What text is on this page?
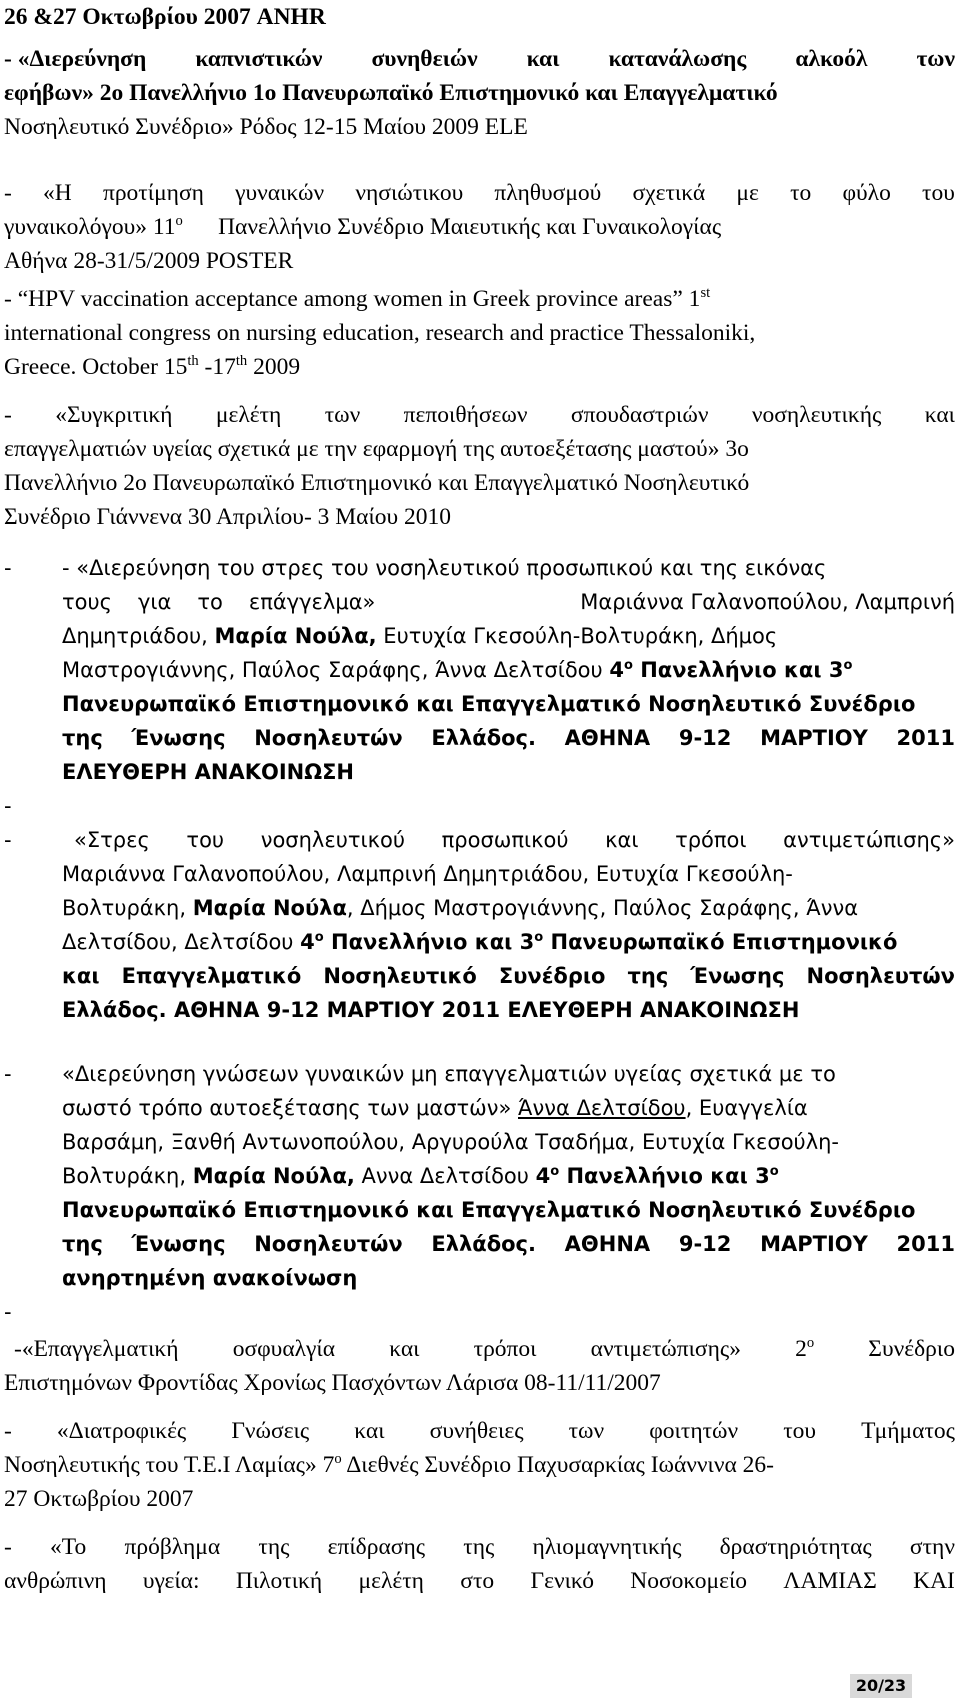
26 &27 Οκτωβρίου 2007 ANHR
- «Διερεύνηση καπνιστικών συνηθειών και κατανάλωσης αλκοόλ των
εφήβων» 2ο Πανελλήνιο 1ο Πανευρωπαϊκό Επιστημονικό και Επαγγελματικό
Νοσηλευτικό Συνέδριο» Ρόδος 12-15 Μαίου 2009 ELE
- «Η προτίμηση γυναικών νησιώτικου πληθυσμού σχετικά με το φύλο του
γυναικολόγου» $11^o$ Πανελλήνιο Συνέδριο Μαιευτικής και Γυναικολογίας
Αθήνα 28-31/5/2009 POSTER
- “HPV vaccination acceptance among women in Greek province areas” 1st
international congress on nursing education, research and practice Thessaloniki,
Greece. October 15th -17th 2009
- «Συγκριτική μελέτη των πεποιθήσεων σπουδαστριών νοσηλευτικής και
επαγγελματιών υγείας σχετικά με την εφαρμογή της αυτοεξέτασης μαστού» 3ο
Πανελλήνιο 2ο Πανευρωπαϊκό Επιστημονικό και Επαγγελματικό Νοσηλευτικό
Συνέδριο Γιάννενα 30 Απριλίου- 3 Μαίου 2010
- - «Διερεύνηση του στρες του νοσηλευτικού προσωπικού και της εικόνας
τους για το επάγγελμα»	Μαριάννα Γαλανοπούλου, Λαμπρινή
Δημητριάδου, Μαρία Νούλα, Ευτυχία Γκεσούλη-Βολτυράκη, Δήμος
Μαστρογιάννης, Παύλος Σαράφης, Άννα Δελτσίδου $4^o$ Πανελλήνιο και $3^o$
Πανευρωπαϊκό Επιστημονικό και Επαγγελματικό Νοσηλευτικό Συνέδριο
της Ένωσης Νοσηλευτών Ελλάδος. ΑΘΗΝΑ 9-12 ΜΑΡΤΙΟΥ 2011
ΕΛΕΥΘΕΡΗ ΑΝΑΚΟΙΝΩΣΗ
-
-	«Στρες του νοσηλευτικού προσωπικού και τρόποι αντιμετώπισης»
Μαριάννα Γαλανοπούλου, Λαμπρινή Δημητριάδου, Ευτυχία Γκεσούλη-
Βολτυράκη, Μαρία Νούλα, Δήμος Μαστρογιάννης, Παύλος Σαράφης, Άννα
Δελτσίδου, Δελτσίδου $4^o$ Πανελλήνιο και $3^o$ Πανευρωπαϊκό Επιστημονικό
και Επαγγελματικό Νοσηλευτικό Συνέδριο της Ένωσης Νοσηλευτών
Ελλάδος. ΑΘΗΝΑ 9-12 ΜΑΡΤΙΟΥ 2011 ΕΛΕΥΘΕΡΗ ΑΝΑΚΟΙΝΩΣΗ
- «Διερεύνηση γνώσεων γυναικών μη επαγγελματιών υγείας σχετικά με το
σωστό τρόπο αυτοεξέτασης των μαστών» Άννα Δελτσίδου, Ευαγγελία
Βαρσάμη, Ξανθή Αντωνοπούλου, Αργυρούλα Τσαδήμα, Ευτυχία Γκεσούλη-
Βολτυράκη, Μαρία Νούλα, Αννα Δελτσίδου $4^o$ Πανελλήνιο και $3^o$
Πανευρωπαϊκό Επιστημονικό και Επαγγελματικό Νοσηλευτικό Συνέδριο
της Ένωσης Νοσηλευτών Ελλάδος. ΑΘΗΝΑ 9-12 ΜΑΡΤΙΟΥ 2011
ανηρτημένη ανακοίνωση
-
-«Επαγγελματική οσφυαλγία και τρόποι αντιμετώπισης» $2^o$ Συνέδριο
Επιστημόνων Φροντίδας Χρονίως Πασχόντων Λάρισα 08-11/11/2007
- «Διατροφικές Γνώσεις και συνήθειες των φοιτητών του Τμήματος
Νοσηλευτικής του Τ.Ε.Ι Λαμίας» $7^o$ Διεθνές Συνέδριο Παχυσαρκίας Ιωάννινα 26-
27 Οκτωβρίου 2007
- «Το πρόβλημα της επίδρασης της ηλιομαγνητικής δραστηριότητας στην
ανθρώπινη υγεία: Πιλοτική μελέτη στο Γενικό Νοσοκομείο ΛΑΜΙΑΣ ΚΑΙ
20/23
